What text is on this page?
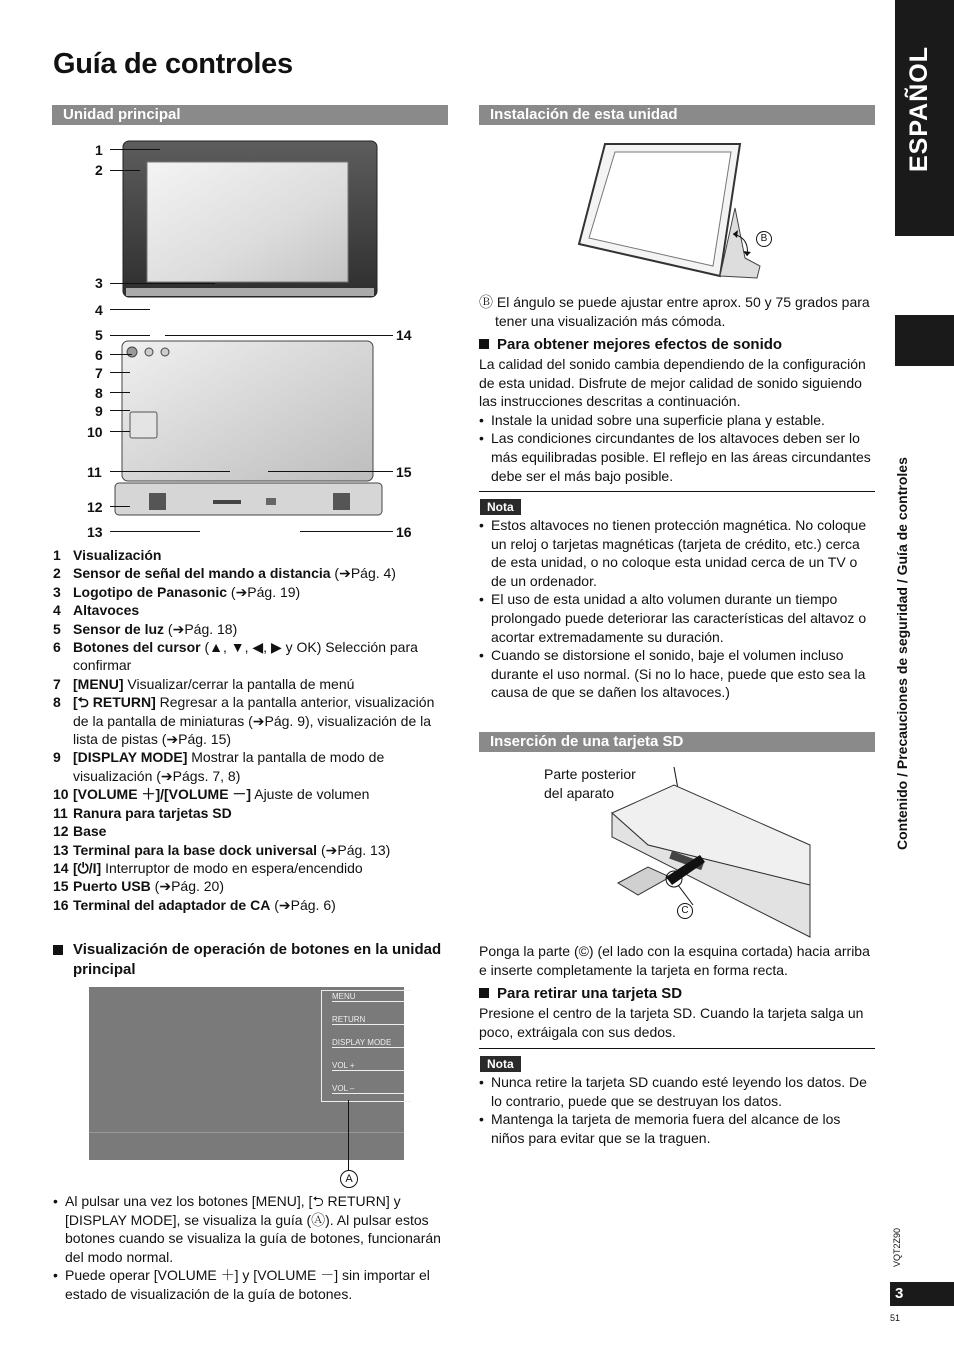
Guía de controles	ESPAÑOL
Contenido / Precauciones de seguridad / Guía de controles
VQT2Z90
3
51
Unidad principal
1
2
3
4
5
6
7
8
9
10
11
12
13
14
15
16
1 Visualización
2 Sensor de señal del mando a distancia (➔Pág. 4)
3 Logotipo de Panasonic (➔Pág. 19)
4 Altavoces
5 Sensor de luz (➔Pág. 18)
6 Botones del cursor (▲, ▼, ◀, ▶ y OK) Selección para confirmar
7 [MENU] Visualizar/cerrar la pantalla de menú
8 [⮌ RETURN] Regresar a la pantalla anterior, visualización de la pantalla de miniaturas (➔Pág. 9), visualización de la lista de pistas (➔Pág. 15)
9 [DISPLAY MODE] Mostrar la pantalla de modo de visualización (➔Págs. 7, 8)
10 [VOLUME ＋]/[VOLUME －] Ajuste de volumen
11 Ranura para tarjetas SD
12 Base
13 Terminal para la base dock universal (➔Pág. 13)
14 [⏻/I] Interruptor de modo en espera/encendido
15 Puerto USB (➔Pág. 20)
16 Terminal del adaptador de CA (➔Pág. 6)
Visualización de operación de botones en la unidad principal
MENU
RETURN
DISPLAY MODE
VOL +
VOL –
A
• Al pulsar una vez los botones [MENU], [⮌ RETURN] y [DISPLAY MODE], se visualiza la guía (Ⓐ). Al pulsar estos botones cuando se visualiza la guía de botones, funcionarán del modo normal.
• Puede operar [VOLUME ＋] y [VOLUME －] sin importar el estado de visualización de la guía de botones.
Instalación de esta unidad
B
Ⓑ El ángulo se puede ajustar entre aprox. 50 y 75 grados para tener una visualización más cómoda.
Para obtener mejores efectos de sonido
La calidad del sonido cambia dependiendo de la configuración de esta unidad. Disfrute de mejor calidad de sonido siguiendo las instrucciones descritas a continuación.
• Instale la unidad sobre una superficie plana y estable.
• Las condiciones circundantes de los altavoces deben ser lo más equilibradas posible. El reflejo en las áreas circundantes debe ser el más bajo posible.
Nota
• Estos altavoces no tienen protección magnética. No coloque un reloj o tarjetas magnéticas (tarjeta de crédito, etc.) cerca de esta unidad, o no coloque esta unidad cerca de un TV o de un ordenador.
• El uso de esta unidad a alto volumen durante un tiempo prolongado puede deteriorar las características del altavoz o acortar extremadamente su duración.
• Cuando se distorsione el sonido, baje el volumen incluso durante el uso normal. (Si no lo hace, puede que esto sea la causa de que se dañen los altavoces.)
Inserción de una tarjeta SD
Parte posterior del aparato
C
Ponga la parte (©) (el lado con la esquina cortada) hacia arriba e inserte completamente la tarjeta en forma recta.
Para retirar una tarjeta SD
Presione el centro de la tarjeta SD. Cuando la tarjeta salga un poco, extráigala con sus dedos.
Nota
• Nunca retire la tarjeta SD cuando esté leyendo los datos. De lo contrario, puede que se destruyan los datos.
• Mantenga la tarjeta de memoria fuera del alcance de los niños para evitar que se la traguen.
